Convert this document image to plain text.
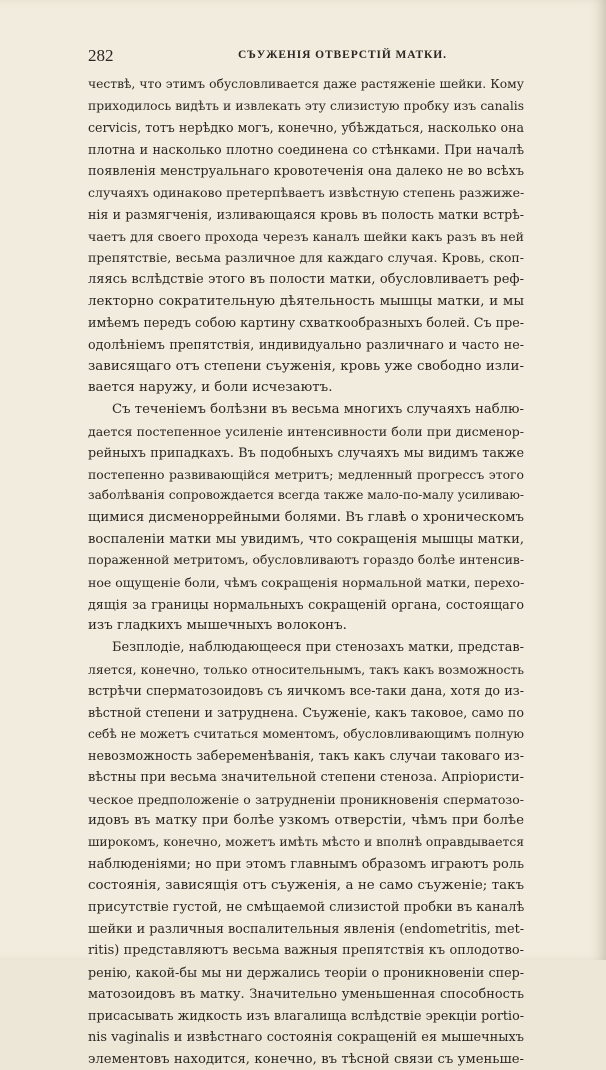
282	СЪУЖЕНІЯ ОТВЕРСТІЙ МАТКИ.
чествѣ, что этимъ обусловливается даже растяженіе шейки. Кому
приходилось видѣть и извлекать эту слизистую пробку изъ canalis
cervicis, тотъ нерѣдко могъ, конечно, убѣждаться, насколько она
плотна и насколько плотно соединена со стѣнками. При началѣ
появленія менструальнаго кровотеченія она далеко не во всѣхъ
случаяхъ одинаково претерпѣваетъ извѣстную степень разжиже-
нія и размягченія, изливающаяся кровь въ полость матки встрѣ-
чаетъ для своего прохода черезъ каналъ шейки какъ разъ въ ней
препятствіе, весьма различное для каждаго случая. Кровь, скоп-
ляясь вслѣдствіе этого въ полости матки, обусловливаетъ реф-
лекторно сократительную дѣятельность мышцы матки, и мы
имѣемъ передъ собою картину схваткообразныхъ болей. Съ пре-
одолѣніемъ препятствія, индивидуально различнаго и часто не-
зависящаго отъ степени съуженія, кровь уже свободно изли-
вается наружу, и боли исчезаютъ.
Съ теченіемъ болѣзни въ весьма многихъ случаяхъ наблю-
дается постепенное усиленіе интенсивности боли при дисменор-
рейныхъ припадкахъ. Въ подобныхъ случаяхъ мы видимъ также
постепенно развивающійся метритъ; медленный прогрессъ этого
заболѣванія сопровождается всегда также мало-по-малу усиливаю-
щимися дисменоррейными болями. Въ главѣ о хроническомъ
воспаленіи матки мы увидимъ, что сокращенія мышцы матки,
пораженной метритомъ, обусловливаютъ гораздо болѣе интенсив-
ное ощущеніе боли, чѣмъ сокращенія нормальной матки, перехо-
дящія за границы нормальныхъ сокращеній органа, состоящаго
изъ гладкихъ мышечныхъ волоконъ.
Безплодіе, наблюдающееся при стенозахъ матки, представ-
ляется, конечно, только относительнымъ, такъ какъ возможность
встрѣчи сперматозоидовъ съ яичкомъ все-таки дана, хотя до из-
вѣстной степени и затруднена. Съуженіе, какъ таковое, само по
себѣ не можетъ считаться моментомъ, обусловливающимъ полную
невозможность забеременѣванія, такъ какъ случаи таковаго из-
вѣстны при весьма значительной степени стеноза. Апріористи-
ческое предположеніе о затрудненіи проникновенія сперматозо-
идовъ въ матку при болѣе узкомъ отверстіи, чѣмъ при болѣе
широкомъ, конечно, можетъ имѣть мѣсто и вполнѣ оправдывается
наблюденіями; но при этомъ главнымъ образомъ играютъ роль
состоянія, зависящія отъ съуженія, а не само съуженіе; такъ
присутствіе густой, не смѣщаемой слизистой пробки въ каналѣ
шейки и различныя воспалительныя явленія (endometritis, met-
ritis) представляютъ весьма важныя препятствія къ оплодотво-
ренію, какой-бы мы ни держались теоріи о проникновеніи спер-
матозоидовъ въ матку. Значительно уменьшенная способность
присасывать жидкость изъ влагалища вслѣдствіе эрекціи portio-
nis vaginalis и извѣстнаго состоянія сокращеній ея мышечныхъ
элементовъ находится, конечно, въ тѣсной связи съ уменьше-
